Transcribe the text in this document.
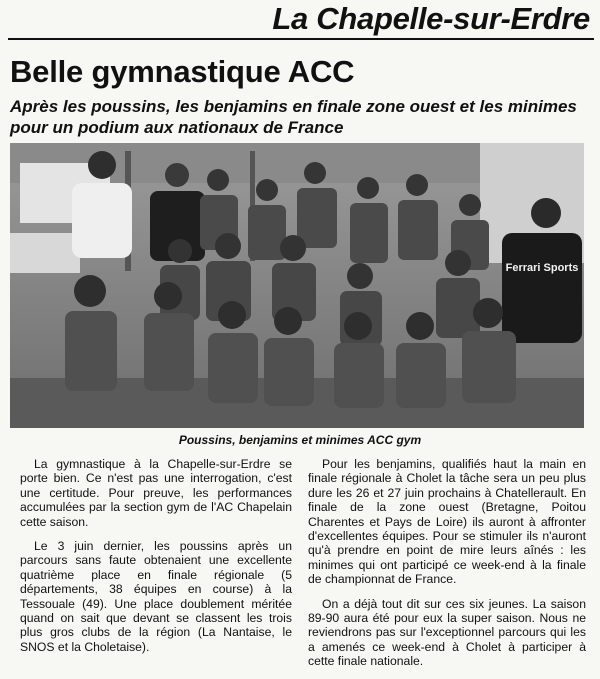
La Chapelle-sur-Erdre
Belle gymnastique ACC
Après les poussins, les benjamins en finale zone ouest et les minimes pour un podium aux nationaux de France
Ferrari Sports
Poussins, benjamins et minimes ACC gym

La gymnastique à la Chapelle-sur-Erdre se porte bien. Ce n'est pas une interrogation, c'est une certitude. Pour preuve, les performances accumulées par la section gym de l'AC Chapelain cette saison.

Le 3 juin dernier, les poussins après un parcours sans faute obtenaient une excellente quatrième place en finale régionale (5 départements, 38 équipes en course) à la Tessouale (49). Une place doublement méritée quand on sait que devant se classent les trois plus gros clubs de la région (La Nantaise, le SNOS et la Choletaise).

Pour les benjamins, qualifiés haut la main en finale régionale à Cholet la tâche sera un peu plus dure les 26 et 27 juin prochains à Chatellerault. En finale de la zone ouest (Bretagne, Poitou Charentes et Pays de Loire) ils auront à affronter d'excellentes équipes. Pour se stimuler ils n'auront qu'à prendre en point de mire leurs aînés : les minimes qui ont participé ce week-end à la finale de championnat de France.

On a déjà tout dit sur ces six jeunes. La saison 89-90 aura été pour eux la super saison. Nous ne reviendrons pas sur l'exceptionnel parcours qui les a amenés ce week-end à Cholet à participer à cette finale nationale.
